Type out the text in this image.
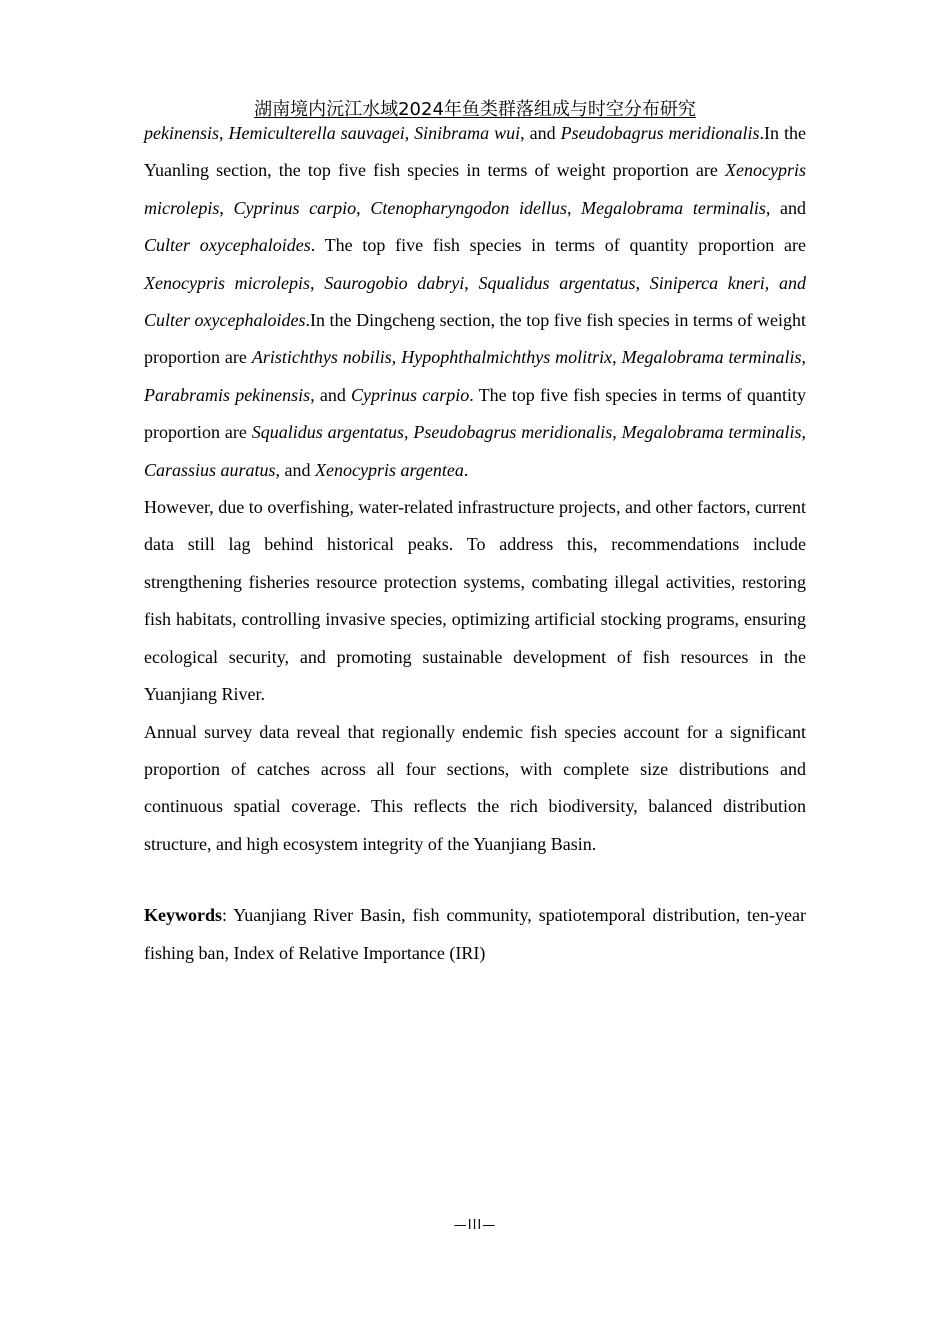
湖南境内沅江水域2024年鱼类群落组成与时空分布研究

pekinensis, Hemiculterella sauvagei, Sinibrama wui, and Pseudobagrus meridionalis.In the Yuanling section, the top five fish species in terms of weight proportion are Xenocypris microlepis, Cyprinus carpio, Ctenopharyngodon idellus, Megalobrama terminalis, and Culter oxycephaloides. The top five fish species in terms of quantity proportion are Xenocypris microlepis, Saurogobio dabryi, Squalidus argentatus, Siniperca kneri, and Culter oxycephaloides.In the Dingcheng section, the top five fish species in terms of weight proportion are Aristichthys nobilis, Hypophthalmichthys molitrix, Megalobrama terminalis, Parabramis pekinensis, and Cyprinus carpio. The top five fish species in terms of quantity proportion are Squalidus argentatus, Pseudobagrus meridionalis, Megalobrama terminalis, Carassius auratus, and Xenocypris argentea.

However, due to overfishing, water-related infrastructure projects, and other factors, current data still lag behind historical peaks. To address this, recommendations include strengthening fisheries resource protection systems, combating illegal activities, restoring fish habitats, controlling invasive species, optimizing artificial stocking programs, ensuring ecological security, and promoting sustainable development of fish resources in the Yuanjiang River.

Annual survey data reveal that regionally endemic fish species account for a significant proportion of catches across all four sections, with complete size distributions and continuous spatial coverage. This reflects the rich biodiversity, balanced distribution structure, and high ecosystem integrity of the Yuanjiang Basin.

Keywords: Yuanjiang River Basin, fish community, spatiotemporal distribution, ten-year fishing ban, Index of Relative Importance (IRI)

—III—
